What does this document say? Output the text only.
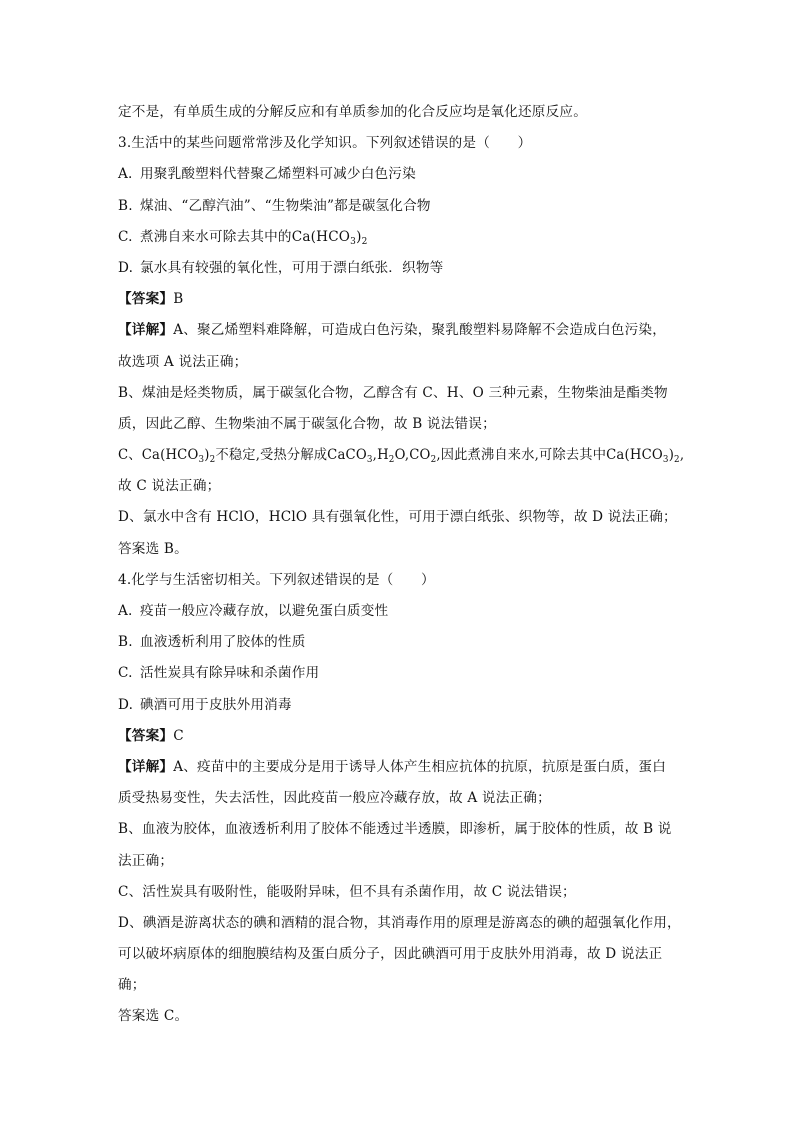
定不是，有单质生成的分解反应和有单质参加的化合反应均是氧化还原反应。
3.生活中的某些问题常常涉及化学知识。下列叙述错误的是（　　）
A. 用聚乳酸塑料代替聚乙烯塑料可减少白色污染
B. 煤油、“乙醇汽油”、“生物柴油”都是碳氢化合物
C. 煮沸自来水可除去其中的$Ca(HCO_3)_2$
D. 氯水具有较强的氧化性，可用于漂白纸张．织物等
【答案】B
【详解】A、聚乙烯塑料难降解，可造成白色污染，聚乳酸塑料易降解不会造成白色污染，
故选项 A 说法正确；
B、煤油是烃类物质，属于碳氢化合物，乙醇含有 C、H、O 三种元素，生物柴油是酯类物
质，因此乙醇、生物柴油不属于碳氢化合物，故 B 说法错误；
C、$Ca(HCO_3)_2$不稳定,受热分解成$CaCO_3,H_2O,CO_2$,因此煮沸自来水,可除去其中$Ca(HCO_3)_2$,
故 C 说法正确；
D、氯水中含有 HClO，HClO 具有强氧化性，可用于漂白纸张、织物等，故 D 说法正确；
答案选 B。
4.化学与生活密切相关。下列叙述错误的是（　　）
A. 疫苗一般应冷藏存放，以避免蛋白质变性
B. 血液透析利用了胶体的性质
C. 活性炭具有除异味和杀菌作用
D. 碘酒可用于皮肤外用消毒
【答案】C
【详解】A、疫苗中的主要成分是用于诱导人体产生相应抗体的抗原，抗原是蛋白质，蛋白
质受热易变性，失去活性，因此疫苗一般应冷藏存放，故 A 说法正确；
B、血液为胶体，血液透析利用了胶体不能透过半透膜，即渗析，属于胶体的性质，故 B 说
法正确；
C、活性炭具有吸附性，能吸附异味，但不具有杀菌作用，故 C 说法错误；
D、碘酒是游离状态的碘和酒精的混合物，其消毒作用的原理是游离态的碘的超强氧化作用，
可以破坏病原体的细胞膜结构及蛋白质分子，因此碘酒可用于皮肤外用消毒，故 D 说法正
确；
答案选 C。
